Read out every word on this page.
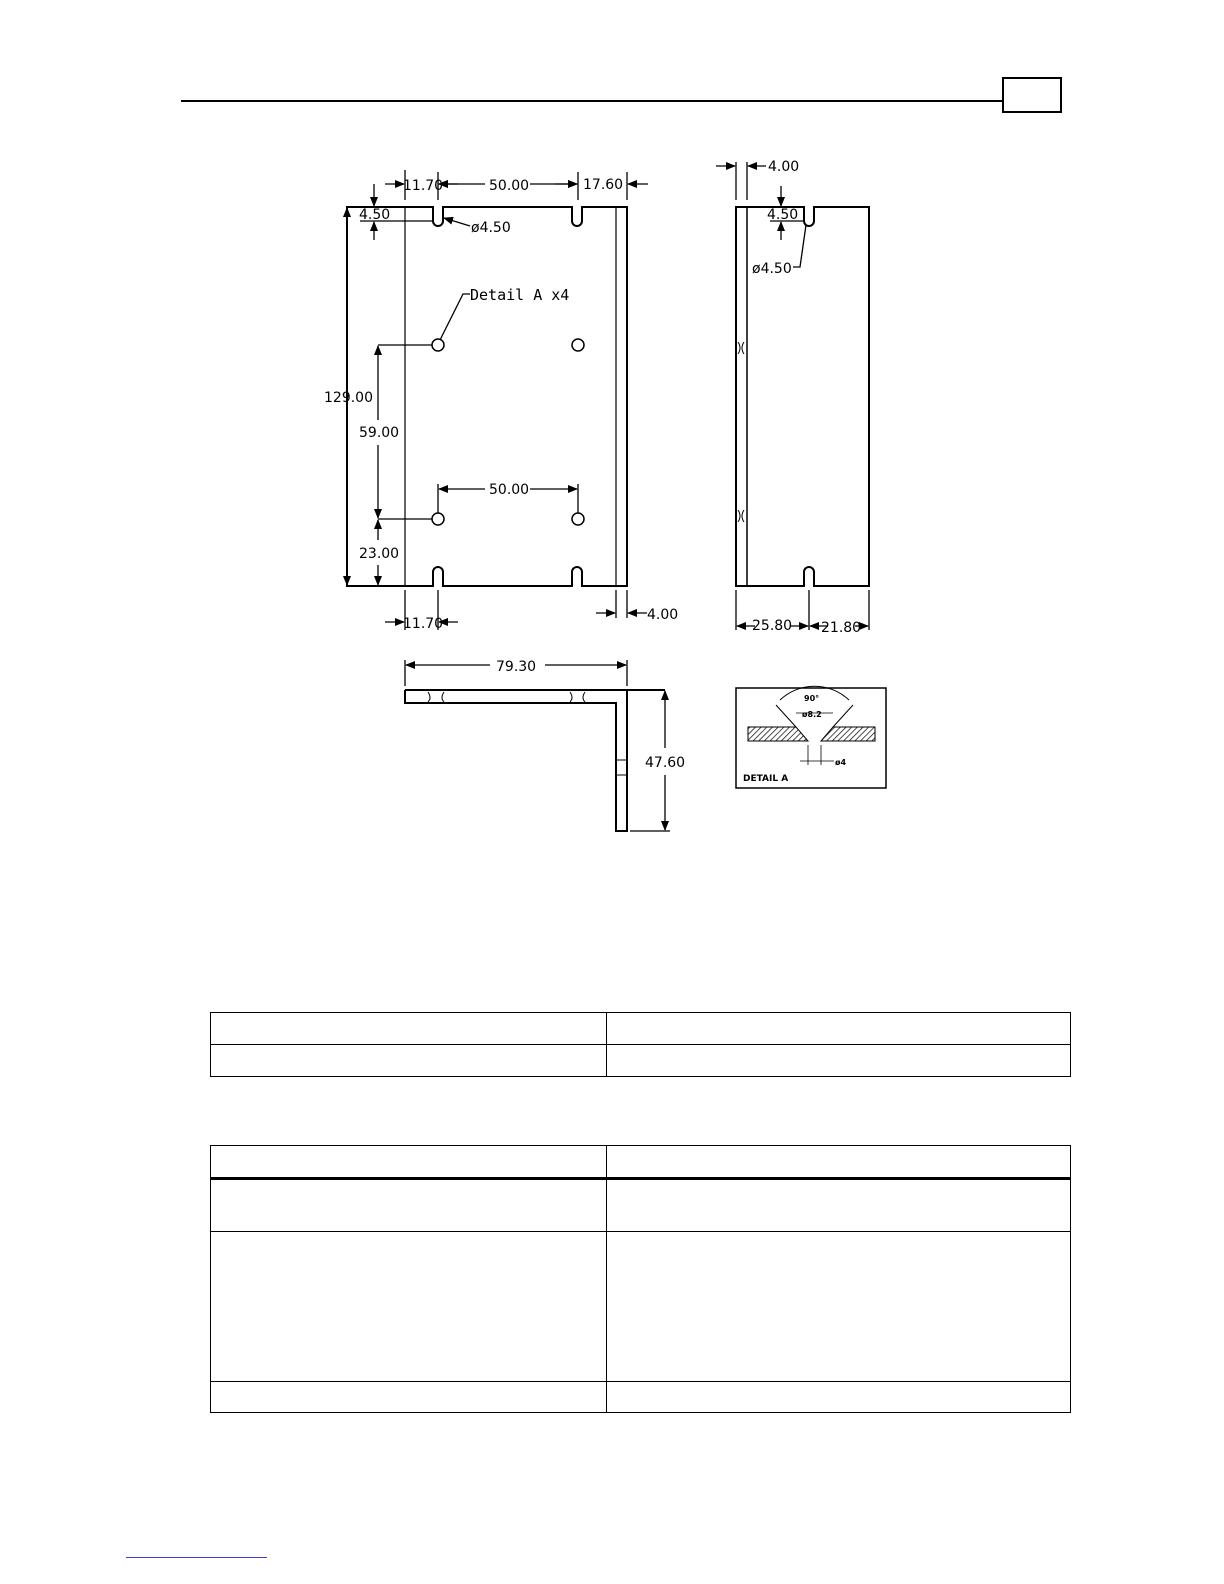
11.70	50.00	17.60
4.50
ø4.50
Detail A x4
129.00
59.00
50.00
23.00
11.70
4.00
4.00
4.50
ø4.50
25.80 21.80
79.30
47.60
90°
ø8.2
ø4
DETAIL A
